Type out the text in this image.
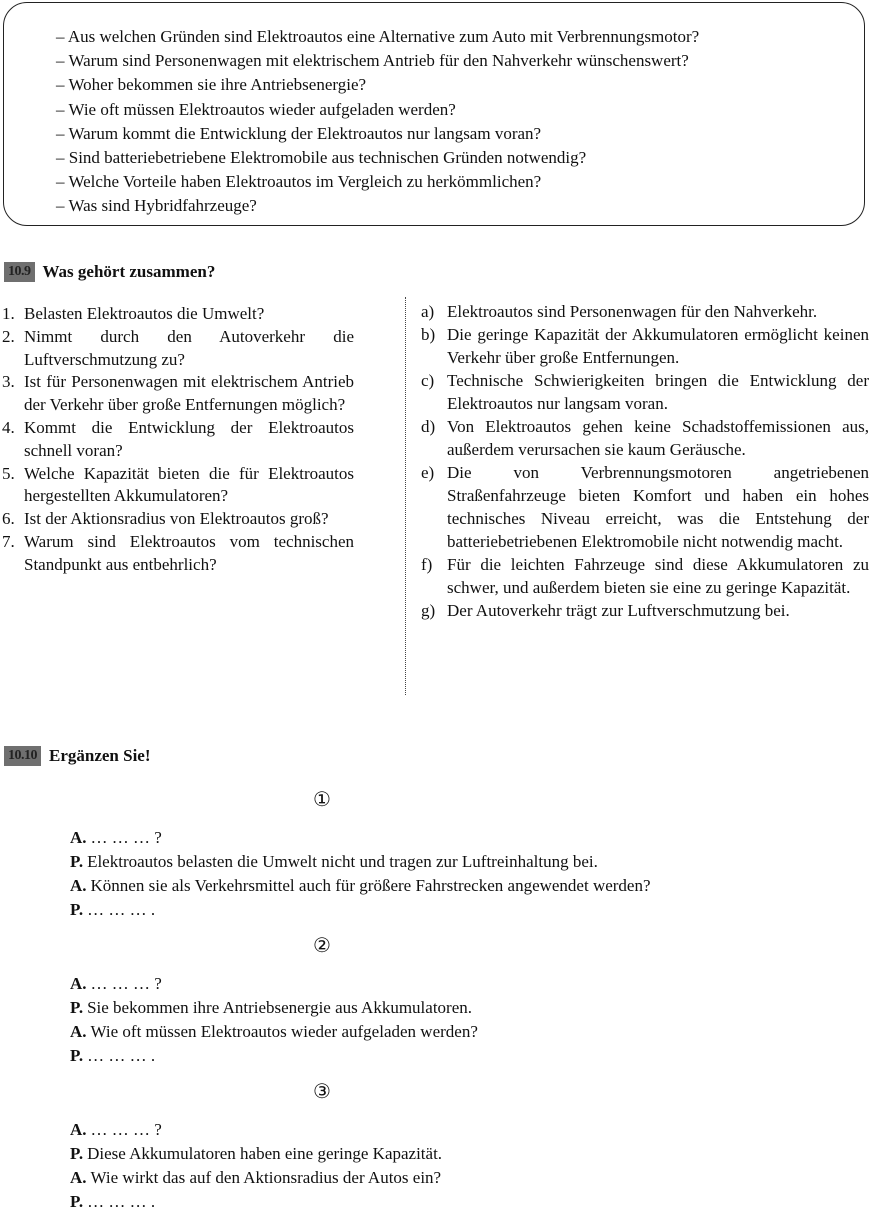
– Aus welchen Gründen sind Elektroautos eine Alternative zum Auto mit Verbrennungsmotor?
– Warum sind Personenwagen mit elektrischem Antrieb für den Nahverkehr wünschenswert?
– Woher bekommen sie ihre Antriebsenergie?
– Wie oft müssen Elektroautos wieder aufgeladen werden?
– Warum kommt die Entwicklung der Elektroautos nur langsam voran?
– Sind batteriebetriebene Elektromobile aus technischen Gründen notwendig?
– Welche Vorteile haben Elektroautos im Vergleich zu herkömmlichen?
– Was sind Hybridfahrzeuge?
10.9 Was gehört zusammen?
1. Belasten Elektroautos die Umwelt?
2. Nimmt durch den Autoverkehr die Luftverschmutzung zu?
3. Ist für Personenwagen mit elektrischem Antrieb der Verkehr über große Entfernungen möglich?
4. Kommt die Entwicklung der Elektroautos schnell voran?
5. Welche Kapazität bieten die für Elektroautos hergestellten Akkumulatoren?
6. Ist der Aktionsradius von Elektroautos groß?
7. Warum sind Elektroautos vom technischen Standpunkt aus entbehrlich?
a) Elektroautos sind Personenwagen für den Nahverkehr.
b) Die geringe Kapazität der Akkumulatoren ermöglicht keinen Verkehr über große Entfernungen.
c) Technische Schwierigkeiten bringen die Entwicklung der Elektroautos nur langsam voran.
d) Von Elektroautos gehen keine Schadstoffemissionen aus, außerdem verursachen sie kaum Geräusche.
e) Die von Verbrennungsmotoren angetriebenen Straßenfahrzeuge bieten Komfort und haben ein hohes technisches Niveau erreicht, was die Entstehung der batteriebetriebenen Elektromobile nicht notwendig macht.
f) Für die leichten Fahrzeuge sind diese Akkumulatoren zu schwer, und außerdem bieten sie eine zu geringe Kapazität.
g) Der Autoverkehr trägt zur Luftverschmutzung bei.
10.10 Ergänzen Sie!
①
A. … … … ?
P. Elektroautos belasten die Umwelt nicht und tragen zur Luftreinhaltung bei.
A. Können sie als Verkehrsmittel auch für größere Fahrstrecken angewendet werden?
P. … … … .
②
A. … … … ?
P. Sie bekommen ihre Antriebsenergie aus Akkumulatoren.
A. Wie oft müssen Elektroautos wieder aufgeladen werden?
P. … … … .
③
A. … … … ?
P. Diese Akkumulatoren haben eine geringe Kapazität.
A. Wie wirkt das auf den Aktionsradius der Autos ein?
P. … … … .
